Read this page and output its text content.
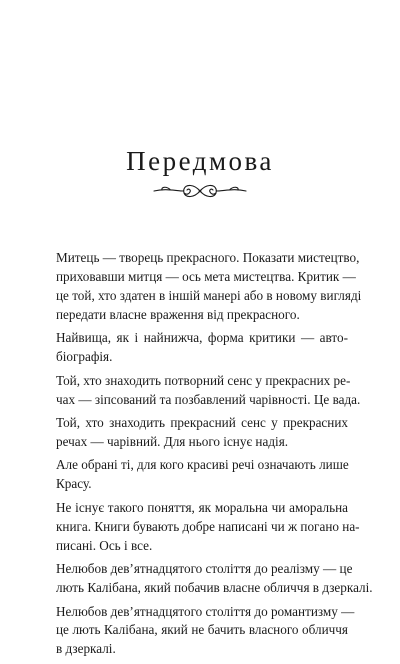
Передмова

Митець — творець прекрасного. Показати мистецтво,
приховавши митця — ось мета мистецтва. Критик —
це той, хто здатен в іншій манері або в новому вигляді
передати власне враження від прекрасного.

Найвища, як і найнижча, форма критики — авто-
біографія.

Той, хто знаходить потворний сенс у прекрасних ре-
чах — зіпсований та позбавлений чарівності. Це вада.

Той, хто знаходить прекрасний сенс у прекрасних
речах — чарівний. Для нього існує надія.

Але обрані ті, для кого красиві речі означають лише
Красу.

Не існує такого поняття, як моральна чи аморальна
книга. Книги бувають добре написані чи ж погано на-
писані. Ось і все.

Нелюбов дев’ятнадцятого століття до реалізму — це
лють Калібана, який побачив власне обличчя в дзеркалі.

Нелюбов дев’ятнадцятого століття до романтизму —
це лють Калібана, який не бачить власного обличчя
в дзеркалі.
